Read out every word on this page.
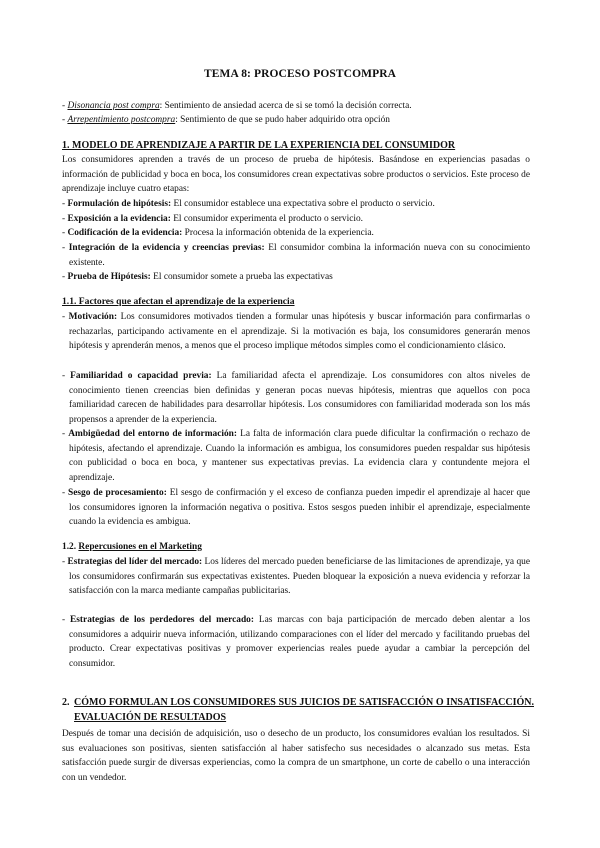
TEMA 8: PROCESO POSTCOMPRA
- Disonancia post compra: Sentimiento de ansiedad acerca de si se tomó la decisión correcta.
- Arrepentimiento postcompra: Sentimiento de que se pudo haber adquirido otra opción
1. MODELO DE APRENDIZAJE A PARTIR DE LA EXPERIENCIA DEL CONSUMIDOR
Los consumidores aprenden a través de un proceso de prueba de hipótesis. Basándose en experiencias pasadas o información de publicidad y boca en boca, los consumidores crean expectativas sobre productos o servicios. Este proceso de aprendizaje incluye cuatro etapas:
- Formulación de hipótesis: El consumidor establece una expectativa sobre el producto o servicio.
- Exposición a la evidencia: El consumidor experimenta el producto o servicio.
- Codificación de la evidencia: Procesa la información obtenida de la experiencia.
- Integración de la evidencia y creencias previas: El consumidor combina la información nueva con su conocimiento existente.
- Prueba de Hipótesis: El consumidor somete a prueba las expectativas
1.1. Factores que afectan el aprendizaje de la experiencia
- Motivación: Los consumidores motivados tienden a formular unas hipótesis y buscar información para confirmarlas o rechazarlas, participando activamente en el aprendizaje. Si la motivación es baja, los consumidores generarán menos hipótesis y aprenderán menos, a menos que el proceso implique métodos simples como el condicionamiento clásico.
- Familiaridad o capacidad previa: La familiaridad afecta el aprendizaje. Los consumidores con altos niveles de conocimiento tienen creencias bien definidas y generan pocas nuevas hipótesis, mientras que aquellos con poca familiaridad carecen de habilidades para desarrollar hipótesis. Los consumidores con familiaridad moderada son los más propensos a aprender de la experiencia.
- Ambigüedad del entorno de información: La falta de información clara puede dificultar la confirmación o rechazo de hipótesis, afectando el aprendizaje. Cuando la información es ambigua, los consumidores pueden respaldar sus hipótesis con publicidad o boca en boca, y mantener sus expectativas previas. La evidencia clara y contundente mejora el aprendizaje.
- Sesgo de procesamiento: El sesgo de confirmación y el exceso de confianza pueden impedir el aprendizaje al hacer que los consumidores ignoren la información negativa o positiva. Estos sesgos pueden inhibir el aprendizaje, especialmente cuando la evidencia es ambigua.
1.2. Repercusiones en el Marketing
- Estrategias del líder del mercado: Los líderes del mercado pueden beneficiarse de las limitaciones de aprendizaje, ya que los consumidores confirmarán sus expectativas existentes. Pueden bloquear la exposición a nueva evidencia y reforzar la satisfacción con la marca mediante campañas publicitarias.
- Estrategias de los perdedores del mercado: Las marcas con baja participación de mercado deben alentar a los consumidores a adquirir nueva información, utilizando comparaciones con el líder del mercado y facilitando pruebas del producto. Crear expectativas positivas y promover experiencias reales puede ayudar a cambiar la percepción del consumidor.
2. CÓMO FORMULAN LOS CONSUMIDORES SUS JUICIOS DE SATISFACCIÓN O INSATISFACCIÓN. EVALUACIÓN DE RESULTADOS
Después de tomar una decisión de adquisición, uso o desecho de un producto, los consumidores evalúan los resultados. Si sus evaluaciones son positivas, sienten satisfacción al haber satisfecho sus necesidades o alcanzado sus metas. Esta satisfacción puede surgir de diversas experiencias, como la compra de un smartphone, un corte de cabello o una interacción con un vendedor.
